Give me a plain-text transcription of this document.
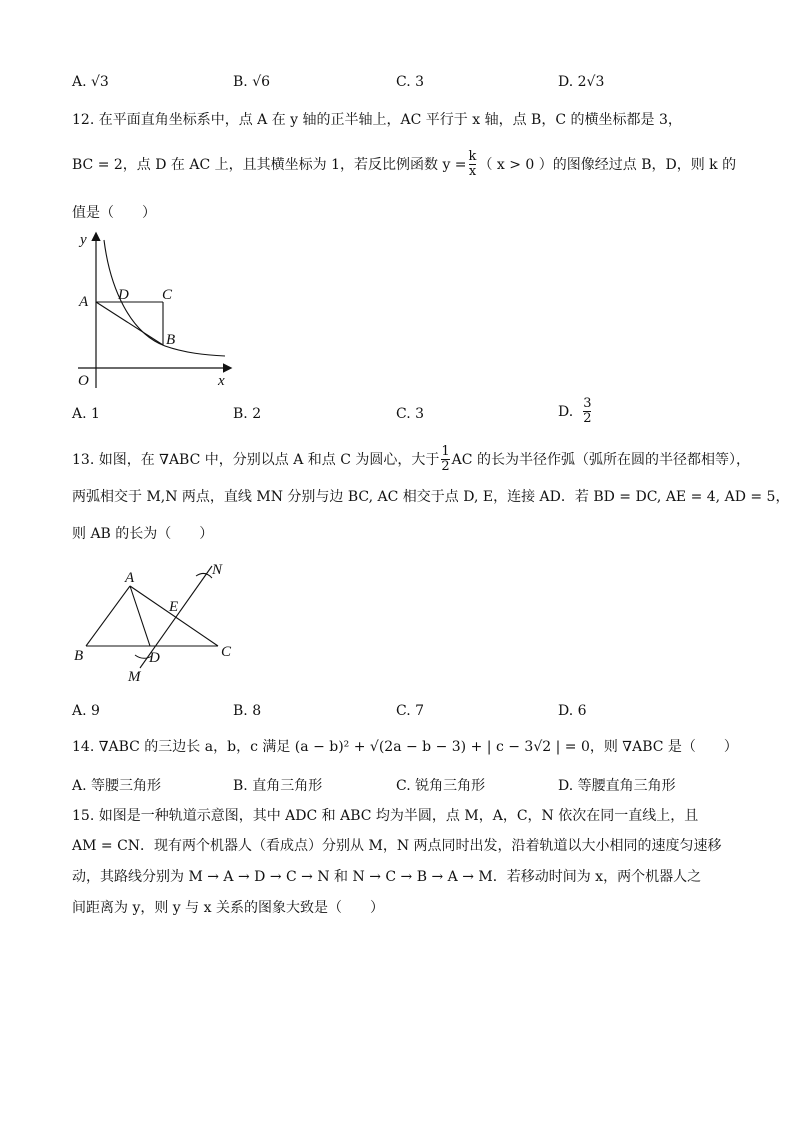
A. √3	B. √6	C. 3	D. 2√3
12. 在平面直角坐标系中，点 A 在 y 轴的正半轴上，AC 平行于 x 轴，点 B，C 的横坐标都是 3，
BC = 2，点 D 在 AC 上，且其横坐标为 1，若反比例函数 $y = \frac{k}{x}$ （ x > 0 ）的图像经过点 B，D，则 k 的
值是（　　）
y
x
O
A D C
B
A. 1	B. 2	C. 3	D. $\frac{3}{2}$
13. 如图，在 ∇ABC 中，分别以点 A 和点 C 为圆心，大于 $\frac{1}{2}$ AC 的长为半径作弧（弧所在圆的半径都相等），
两弧相交于 M,N 两点，直线 MN 分别与边 BC, AC 相交于点 D, E，连接 AD．若 BD = DC, AE = 4, AD = 5，
则 AB 的长为（　　）
A
B	C
D
E
M
N
A. 9	B. 8	C. 7	D. 6
14. ∇ABC 的三边长 a，b，c 满足 (a − b)² + √(2a − b − 3) + | c − 3√2 | = 0，则 ∇ABC 是（　　）
A. 等腰三角形	B. 直角三角形	C. 锐角三角形	D. 等腰直角三角形
15. 如图是一种轨道示意图，其中 ADC 和 ABC 均为半圆，点 M，A，C，N 依次在同一直线上，且
AM = CN．现有两个机器人（看成点）分别从 M，N 两点同时出发，沿着轨道以大小相同的速度匀速移
动，其路线分别为 M → A → D → C → N 和 N → C → B → A → M．若移动时间为 x，两个机器人之
间距离为 y，则 y 与 x 关系的图象大致是（　　）
